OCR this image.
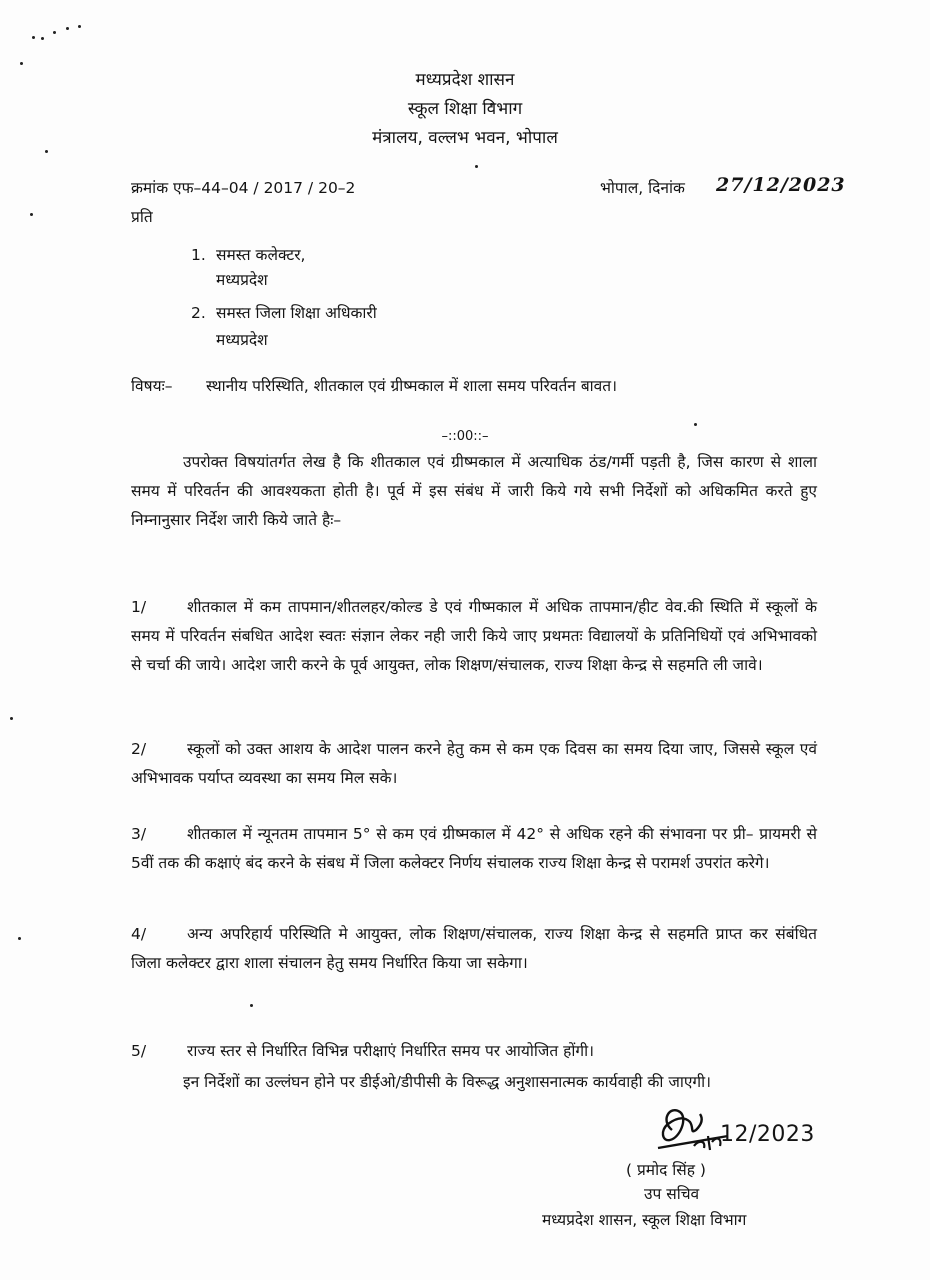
मध्यप्रदेश शासन
स्कूल शिक्षा विभाग
मंत्रालय, वल्लभ भवन, भोपाल
क्रमांक एफ–44–04 / 2017 / 20–2	भोपाल, दिनांक 27/12/2023
प्रति
1. समस्त कलेक्टर,
मध्यप्रदेश
2. समस्त जिला शिक्षा अधिकारी
मध्यप्रदेश
विषयः– स्थानीय परिस्थिति, शीतकाल एवं ग्रीष्मकाल में शाला समय परिवर्तन बावत।
–::00::–
उपरोक्त विषयांतर्गत लेख है कि शीतकाल एवं ग्रीष्मकाल में अत्याधिक ठंड/गर्मी पड़ती है, जिस कारण से शाला समय में परिवर्तन की आवश्यकता होती है। पूर्व में इस संबंध में जारी किये गये सभी निर्देशों को अधिकमित करते हुए निम्नानुसार निर्देश जारी किये जाते हैः–
1/	शीतकाल में कम तापमान/शीतलहर/कोल्ड डे एवं गीष्मकाल में अधिक तापमान/हीट वेव.की स्थिति में स्कूलों के समय में परिवर्तन संबधित आदेश स्वतः संज्ञान लेकर नही जारी किये जाए प्रथमतः विद्यालयों के प्रतिनिधियों एवं अभिभावको से चर्चा की जाये। आदेश जारी करने के पूर्व आयुक्त, लोक शिक्षण/संचालक, राज्य शिक्षा केन्द्र से सहमति ली जावे।
2/	स्कूलों को उक्त आशय के आदेश पालन करने हेतु कम से कम एक दिवस का समय दिया जाए, जिससे स्कूल एवं अभिभावक पर्याप्त व्यवस्था का समय मिल सके।
3/	शीतकाल में न्यूनतम तापमान 5° से कम एवं ग्रीष्मकाल में 42° से अधिक रहने की संभावना पर प्री– प्रायमरी से 5वीं तक की कक्षाएं बंद करने के संबध में जिला कलेक्टर निर्णय संचालक राज्य शिक्षा केन्द्र से परामर्श उपरांत करेगे।
4/	अन्य अपरिहार्य परिस्थिति मे आयुक्त, लोक शिक्षण/संचालक, राज्य शिक्षा केन्द्र से सहमति प्राप्त कर संबंधित जिला कलेक्टर द्वारा शाला संचालन हेतु समय निर्धारित किया जा सकेगा।
5/	राज्य स्तर से निर्धारित विभिन्न परीक्षाएं निर्धारित समय पर आयोजित होंगी।
इन निर्देशों का उल्लंघन होने पर डीईओ/डीपीसी के विरूद्ध अनुशासनात्मक कार्यवाही की जाएगी।
12/2023
( प्रमोद सिंह )
उप सचिव
मध्यप्रदेश शासन, स्कूल शिक्षा विभाग
